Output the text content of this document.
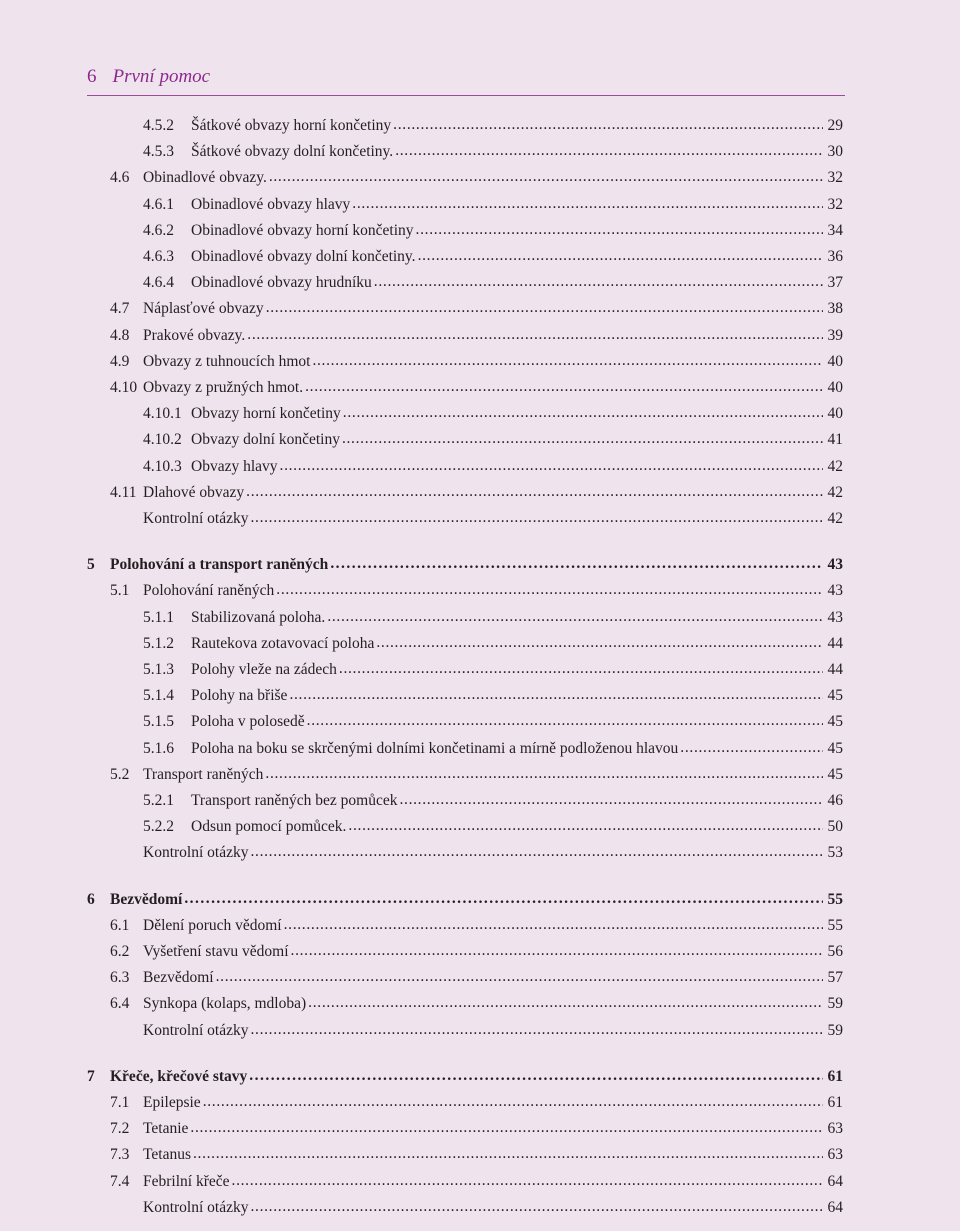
6 První pomoc
4.5.2	Šátkové obvazy horní končetiny . . .	29
4.5.3	Šátkové obvazy dolní končetiny. . . .	30
4.6 Obinadlové obvazy. . . .	32
4.6.1	Obinadlové obvazy hlavy . . .	32
4.6.2	Obinadlové obvazy horní končetiny . . .	34
4.6.3	Obinadlové obvazy dolní končetiny. . . .	36
4.6.4	Obinadlové obvazy hrudníku . . .	37
4.7 Náplasťové obvazy . . .	38
4.8 Prakové obvazy. . . .	39
4.9 Obvazy z tuhnoucích hmot . . .	40
4.10 Obvazy z pružných hmot. . . .	40
4.10.1 Obvazy horní končetiny . . .	40
4.10.2 Obvazy dolní končetiny . . .	41
4.10.3 Obvazy hlavy . . .	42
4.11 Dlahové obvazy . . .	42
Kontrolní otázky . . .	42
5 Polohování a transport raněných . . .	43
5.1 Polohování raněných . . .	43
5.1.1	Stabilizovaná poloha. . . .	43
5.1.2	Rautekova zotavovací poloha . . .	44
5.1.3	Polohy vleže na zádech . . .	44
5.1.4	Polohy na břiše . . .	45
5.1.5	Poloha v polosedě . . .	45
5.1.6	Poloha na boku se skrčenými dolními končetinami a mírně podloženou hlavou . . .	45
5.2 Transport raněných . . .	45
5.2.1	Transport raněných bez pomůcek . . .	46
5.2.2	Odsun pomocí pomůcek. . . .	50
Kontrolní otázky . . .	53
6 Bezvědomí . . .	55
6.1 Dělení poruch vědomí . . .	55
6.2 Vyšetření stavu vědomí . . .	56
6.3 Bezvědomí . . .	57
6.4 Synkopa (kolaps, mdloba) . . .	59
Kontrolní otázky . . .	59
7 Křeče, křečové stavy . . .	61
7.1 Epilepsie . . .	61
7.2 Tetanie . . .	63
7.3 Tetanus . . .	63
7.4 Febrilní křeče . . .	64
Kontrolní otázky . . .	64
